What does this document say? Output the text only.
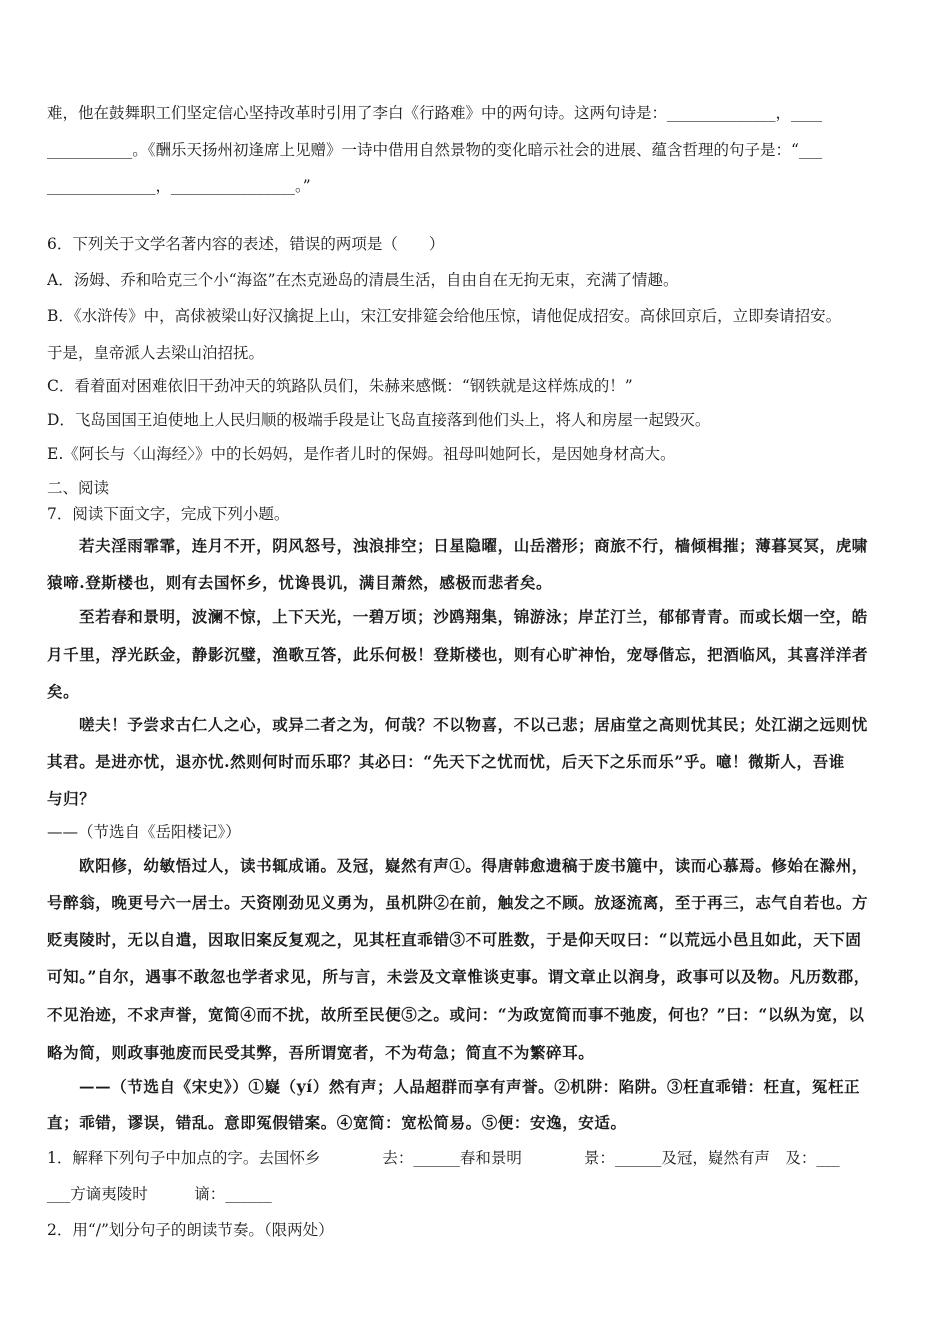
难，他在鼓舞职工们坚定信心坚持改革时引用了李白《行路难》中的两句诗。这两句诗是：______________，____
___________。《酬乐天扬州初逢席上见赠》一诗中借用自然景物的变化暗示社会的进展、蕴含哲理的句子是：“___
______________，________________。”
6．下列关于文学名著内容的表述，错误的两项是（　　）
A．汤姆、乔和哈克三个小“海盗”在杰克逊岛的清晨生活，自由自在无拘无束，充满了情趣。
B．《水浒传》中，高俅被梁山好汉擒捉上山，宋江安排筵会给他压惊，请他促成招安。高俅回京后，立即奏请招安。
于是，皇帝派人去梁山泊招抚。
C．看着面对困难依旧干劲冲天的筑路队员们，朱赫来感慨：“钢铁就是这样炼成的！”
D．飞岛国国王迫使地上人民归顺的极端手段是让飞岛直接落到他们头上，将人和房屋一起毁灭。
E.《阿长与〈山海经〉》中的长妈妈，是作者儿时的保姆。祖母叫她阿长，是因她身材高大。
二、阅读
7．阅读下面文字，完成下列小题。
若夫淫雨霏霏，连月不开，阴风怒号，浊浪排空；日星隐曜，山岳潜形；商旅不行，樯倾楫摧；薄暮冥冥，虎啸
猿啼.登斯楼也，则有去国怀乡，忧谗畏讥，满目萧然，感极而悲者矣。
至若春和景明，波澜不惊，上下天光，一碧万顷；沙鸥翔集，锦游泳；岸芷汀兰，郁郁青青。而或长烟一空，皓
月千里，浮光跃金，静影沉璧，渔歌互答，此乐何极！登斯楼也，则有心旷神怡，宠辱偕忘，把酒临风，其喜洋洋者
矣。
嗟夫！予尝求古仁人之心，或异二者之为，何哉？不以物喜，不以己悲；居庙堂之高则忧其民；处江湖之远则忧
其君。是进亦忧，退亦忧.然则何时而乐耶？其必曰：“先天下之忧而忧，后天下之乐而乐”乎。噫！微斯人，吾谁
与归？
——（节选自《岳阳楼记》）
欧阳修，幼敏悟过人，读书辄成诵。及冠，嶷然有声①。得唐韩愈遗稿于废书簏中，读而心慕焉。修始在滁州，
号醉翁，晚更号六一居士。天资刚劲见义勇为，虽机阱②在前，触发之不顾。放逐流离，至于再三，志气自若也。方
贬夷陵时，无以自遣，因取旧案反复观之，见其枉直乖错③不可胜数，于是仰天叹曰：“以荒远小邑且如此，天下固
可知。”自尔，遇事不敢忽也学者求见，所与言，未尝及文章惟谈吏事。谓文章止以润身，政事可以及物。凡历数郡，
不见治迹，不求声誉，宽简④而不扰，故所至民便⑤之。或问：“为政宽简而事不弛废，何也？”曰：“以纵为宽，以
略为简，则政事弛废而民受其弊，吾所谓宽者，不为苟急；简直不为繁碎耳。
——（节选自《宋史》）①嶷（yí）然有声；人品超群而享有声誉。②机阱：陷阱。③枉直乖错：枉直，冤枉正
直；乖错，谬误，错乱。意即冤假错案。④宽简：宽松简易。⑤便：安逸，安适。
1．解释下列句子中加点的字。去国怀乡　　　　去：______春和景明　　　　景：______及冠，嶷然有声　及：___
___方谪夷陵时　　　谪：______
2．用“/”划分句子的朗读节奏。（限两处）
